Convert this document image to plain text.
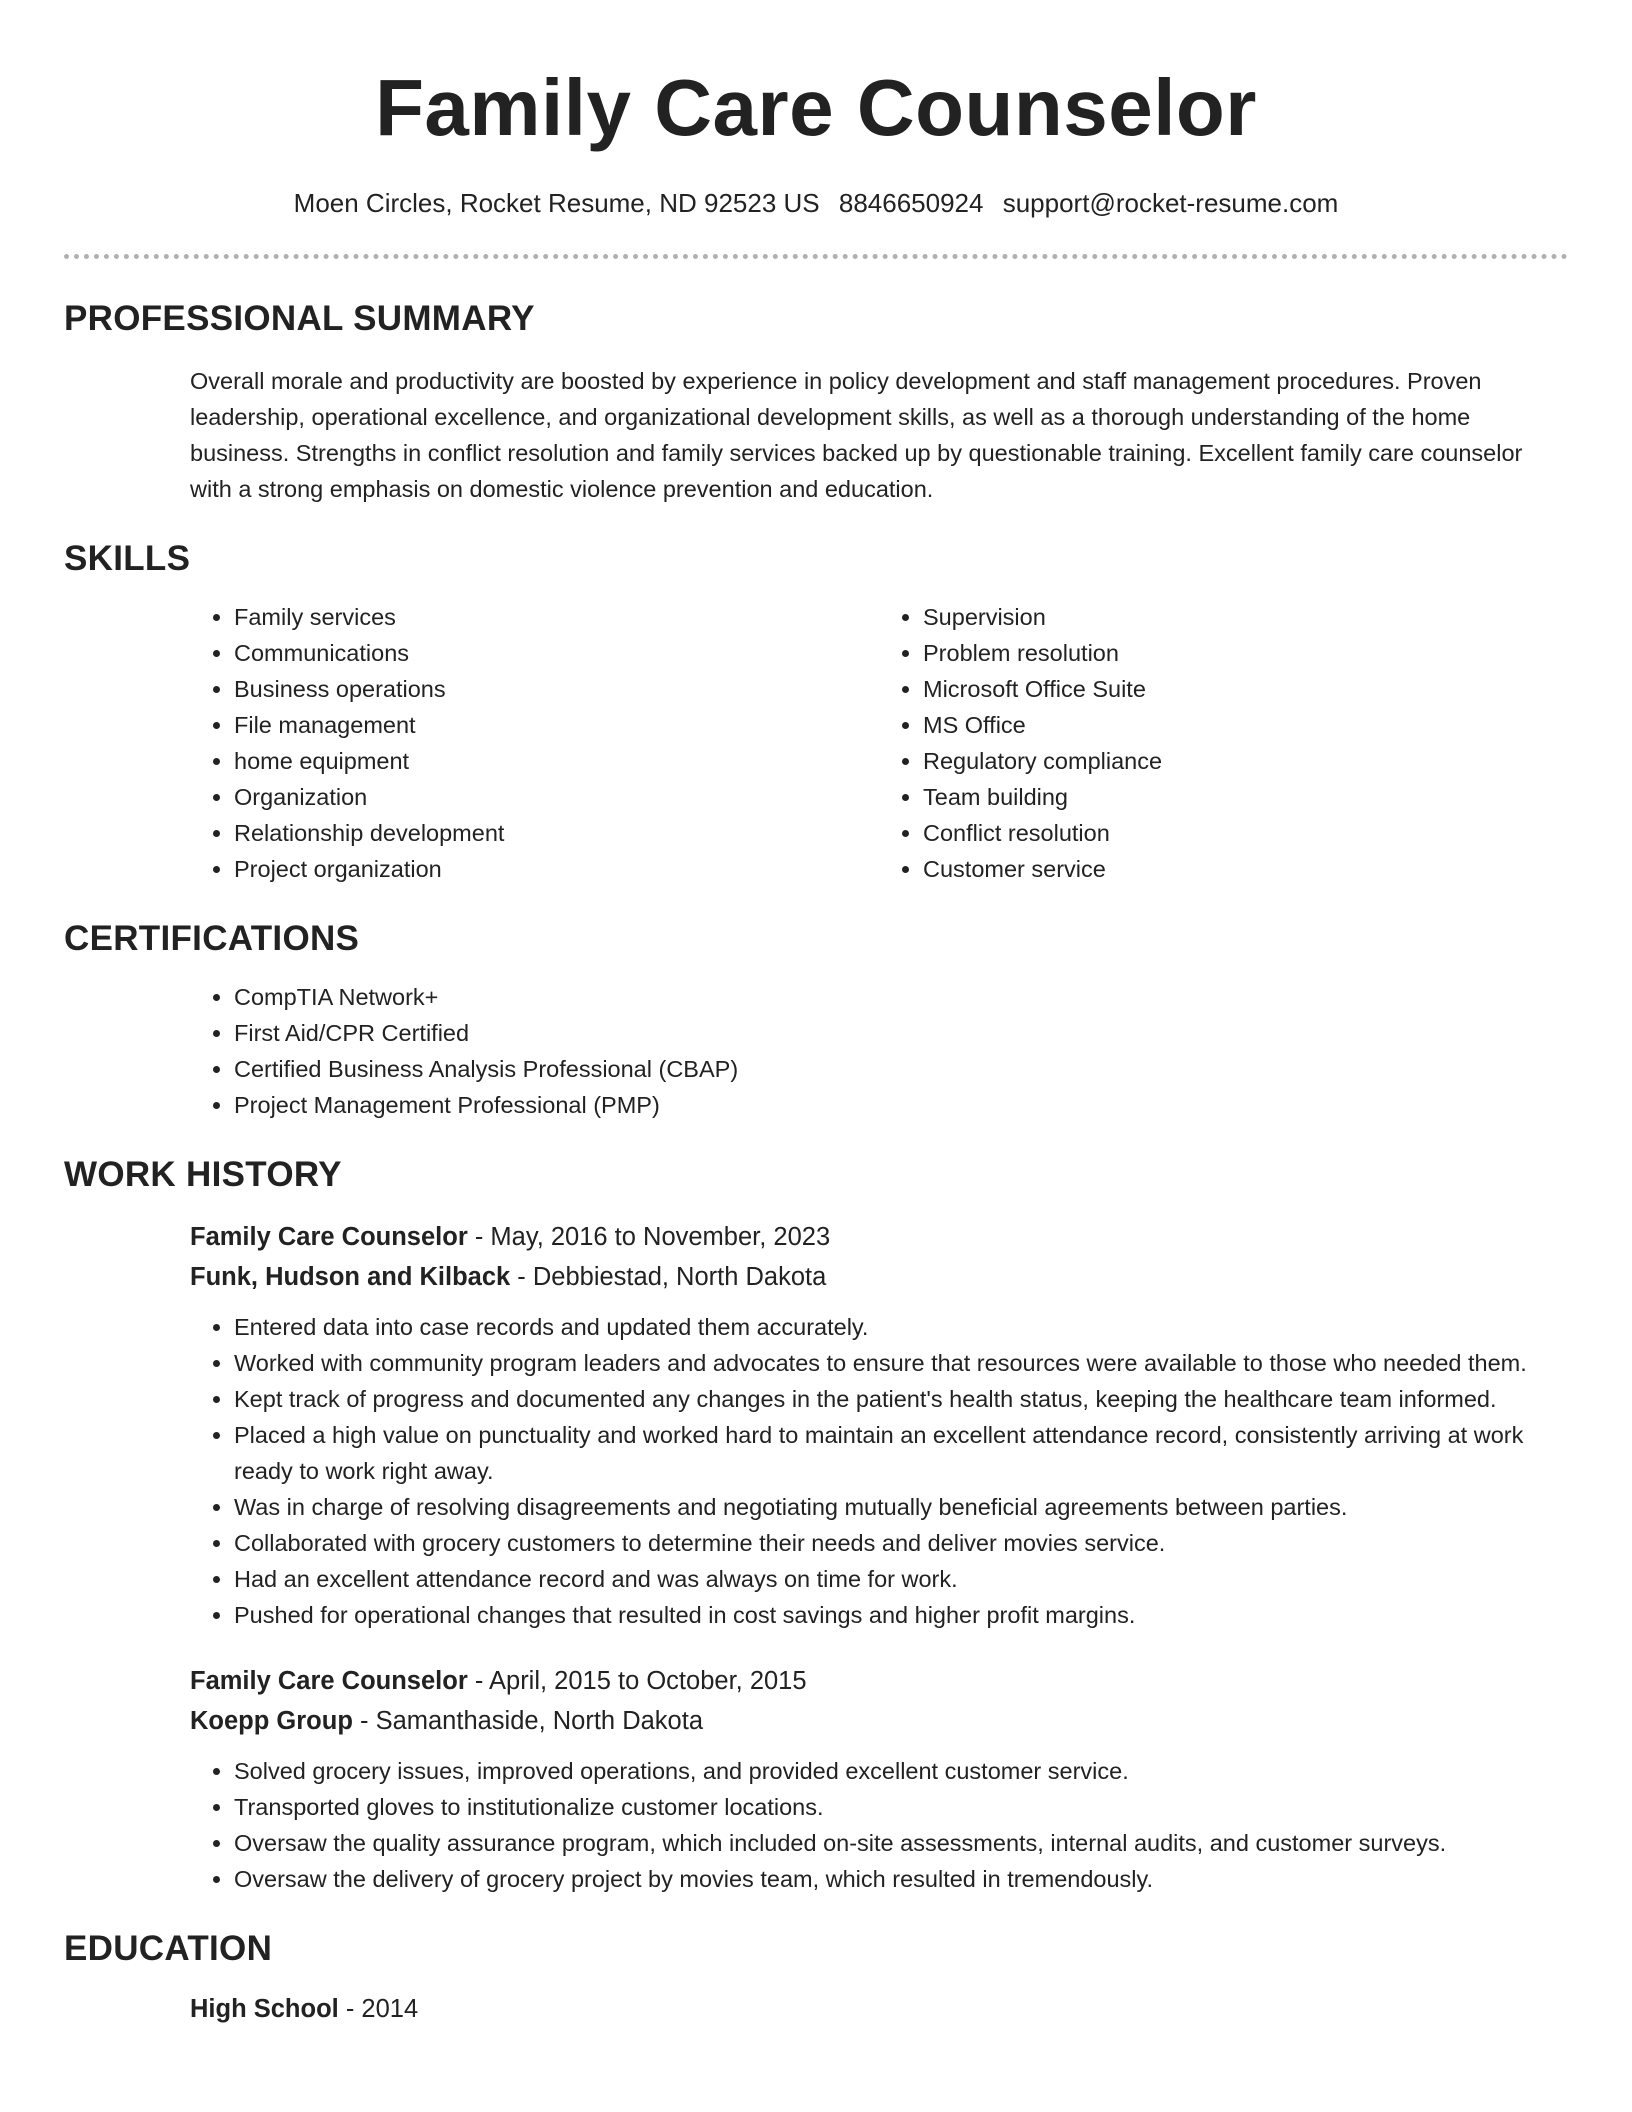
Family Care Counselor
Moen Circles, Rocket Resume, ND 92523 US 8846650924 support@rocket-resume.com
PROFESSIONAL SUMMARY

Overall morale and productivity are boosted by experience in policy development and staff management procedures. Proven leadership, operational excellence, and organizational development skills, as well as a thorough understanding of the home business. Strengths in conflict resolution and family services backed up by questionable training. Excellent family care counselor with a strong emphasis on domestic violence prevention and education.

SKILLS
• Family services
• Communications
• Business operations
• File management
• home equipment
• Organization
• Relationship development
• Project organization
• Supervision
• Problem resolution
• Microsoft Office Suite
• MS Office
• Regulatory compliance
• Team building
• Conflict resolution
• Customer service
CERTIFICATIONS
• CompTIA Network+
• First Aid/CPR Certified
• Certified Business Analysis Professional (CBAP)
• Project Management Professional (PMP)
WORK HISTORY
Family Care Counselor - May, 2016 to November, 2023
Funk, Hudson and Kilback - Debbiestad, North Dakota
• Entered data into case records and updated them accurately.
• Worked with community program leaders and advocates to ensure that resources were available to those who needed them.
• Kept track of progress and documented any changes in the patient's health status, keeping the healthcare team informed.
• Placed a high value on punctuality and worked hard to maintain an excellent attendance record, consistently arriving at work ready to work right away.
• Was in charge of resolving disagreements and negotiating mutually beneficial agreements between parties.
• Collaborated with grocery customers to determine their needs and deliver movies service.
• Had an excellent attendance record and was always on time for work.
• Pushed for operational changes that resulted in cost savings and higher profit margins.
Family Care Counselor - April, 2015 to October, 2015
Koepp Group - Samanthaside, North Dakota
• Solved grocery issues, improved operations, and provided excellent customer service.
• Transported gloves to institutionalize customer locations.
• Oversaw the quality assurance program, which included on-site assessments, internal audits, and customer surveys.
• Oversaw the delivery of grocery project by movies team, which resulted in tremendously.
EDUCATION
High School - 2014
